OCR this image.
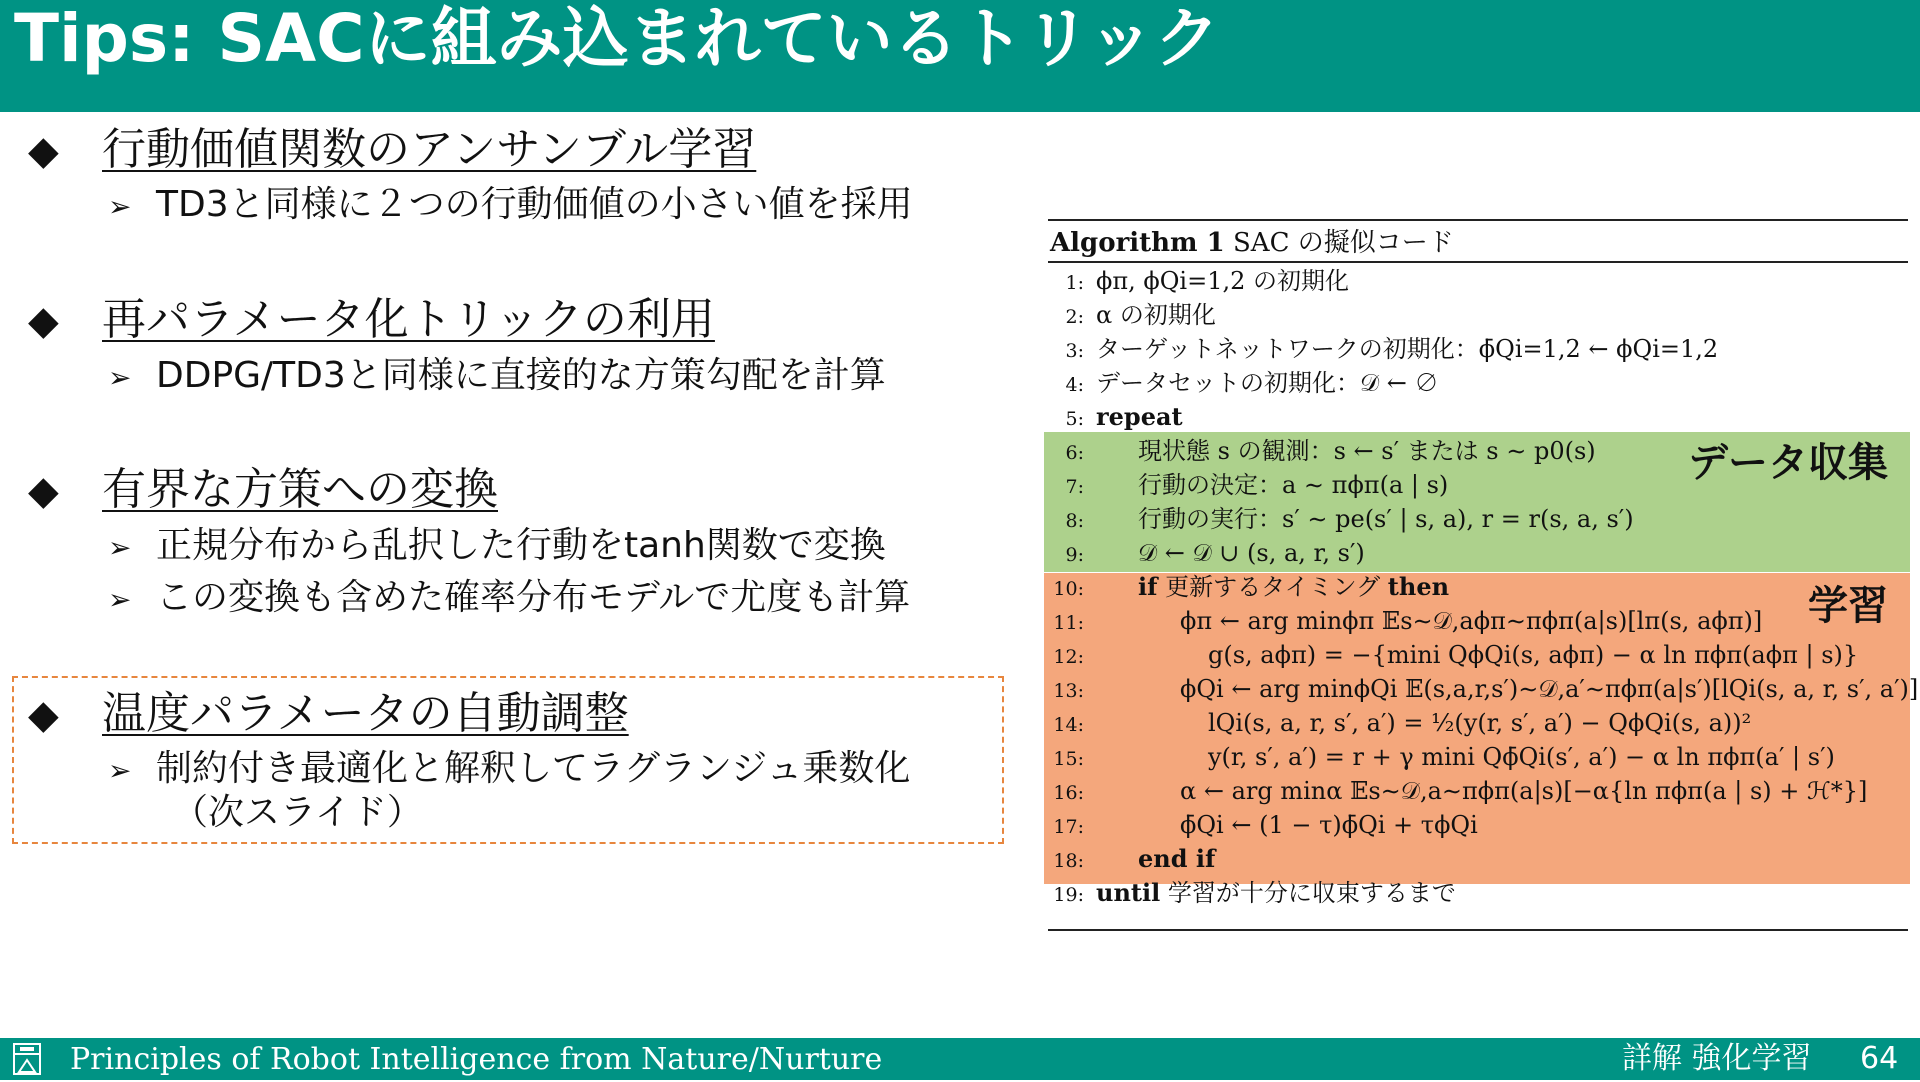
Tips: SACに組み込まれているトリック
◆ 行動価値関数のアンサンブル学習
➢ TD3と同様に２つの行動価値の小さい値を採用
◆ 再パラメータ化トリックの利用
➢ DDPG/TD3と同様に直接的な方策勾配を計算
◆ 有界な方策への変換
➢ 正規分布から乱択した行動をtanh関数で変換
➢ この変換も含めた確率分布モデルで尤度も計算
◆ 温度パラメータの自動調整
➢ 制約付き最適化と解釈してラグランジュ乗数化
（次スライド）
Algorithm 1 SAC の擬似コード
データ収集
学習
1: ϕπ, ϕQi=1,2 の初期化
2: α の初期化
3: ターゲットネットワークの初期化：ϕ̄Qi=1,2 ← ϕQi=1,2
4: データセットの初期化：𝒟 ← ∅
5: repeat
6: 現状態 s の観測：s ← s′ または s ∼ p0(s)
7: 行動の決定：a ∼ πϕπ(a | s)
8: 行動の実行：s′ ∼ pe(s′ | s, a), r = r(s, a, s′)
9: 𝒟 ← 𝒟 ∪ (s, a, r, s′)
10: if 更新するタイミング then
11:	ϕπ ← arg minϕπ 𝔼s∼𝒟,aϕπ∼πϕπ(a|s)[lπ(s, aϕπ)]
12:	g(s, aϕπ) = −{mini QϕQi(s, aϕπ) − α ln πϕπ(aϕπ | s)}
13:	ϕQi ← arg minϕQi 𝔼(s,a,r,s′)∼𝒟,a′∼πϕπ(a|s′)[lQi(s, a, r, s′, a′)]
14:	lQi(s, a, r, s′, a′) = ½(y(r, s′, a′) − QϕQi(s, a))²
15:	y(r, s′, a′) = r + γ mini Qϕ̄Qi(s′, a′) − α ln πϕπ(a′ | s′)
16:	α ← arg minα 𝔼s∼𝒟,a∼πϕπ(a|s)[−α{ln πϕπ(a | s) + ℋ*}]
17:	ϕ̄Qi ← (1 − τ)ϕ̄Qi + τϕQi
18: end if
19: until 学習が十分に収束するまで
Principles of Robot Intelligence from Nature/Nurture	詳解 強化学習 64
